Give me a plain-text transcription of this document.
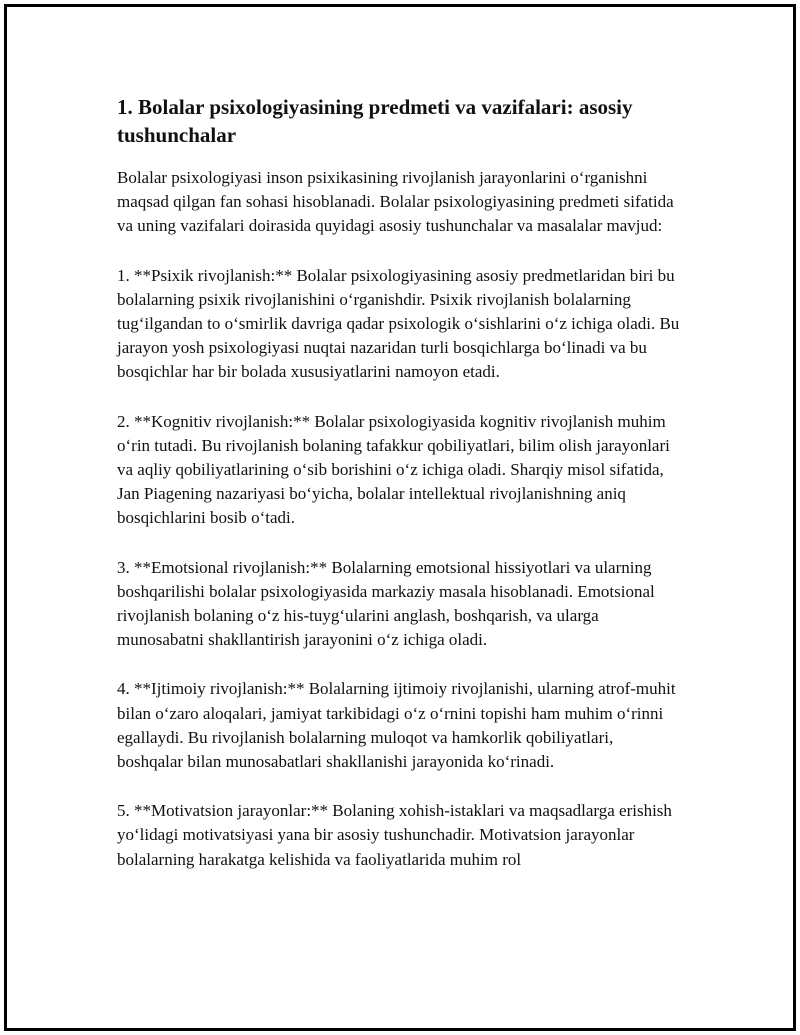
1. Bolalar psixologiyasining predmeti va vazifalari: asosiy tushunchalar

Bolalar psixologiyasi inson psixikasining rivojlanish jarayonlarini o‘rganishni maqsad qilgan fan sohasi hisoblanadi. Bolalar psixologiyasining predmeti sifatida va uning vazifalari doirasida quyidagi asosiy tushunchalar va masalalar mavjud:

1. **Psixik rivojlanish:** Bolalar psixologiyasining asosiy predmetlaridan biri bu bolalarning psixik rivojlanishini o‘rganishdir. Psixik rivojlanish bolalarning tug‘ilgandan to o‘smirlik davriga qadar psixologik o‘sishlarini o‘z ichiga oladi. Bu jarayon yosh psixologiyasi nuqtai nazaridan turli bosqichlarga bo‘linadi va bu bosqichlar har bir bolada xususiyatlarini namoyon etadi.

2. **Kognitiv rivojlanish:** Bolalar psixologiyasida kognitiv rivojlanish muhim o‘rin tutadi. Bu rivojlanish bolaning tafakkur qobiliyatlari, bilim olish jarayonlari va aqliy qobiliyatlarining o‘sib borishini o‘z ichiga oladi. Sharqiy misol sifatida, Jan Piagening nazariyasi bo‘yicha, bolalar intellektual rivojlanishning aniq bosqichlarini bosib o‘tadi.

3. **Emotsional rivojlanish:** Bolalarning emotsional hissiyotlari va ularning boshqarilishi bolalar psixologiyasida markaziy masala hisoblanadi. Emotsional rivojlanish bolaning o‘z his-tuyg‘ularini anglash, boshqarish, va ularga munosabatni shakllantirish jarayonini o‘z ichiga oladi.

4. **Ijtimoiy rivojlanish:** Bolalarning ijtimoiy rivojlanishi, ularning atrof-muhit bilan o‘zaro aloqalari, jamiyat tarkibidagi o‘z o‘rnini topishi ham muhim o‘rinni egallaydi. Bu rivojlanish bolalarning muloqot va hamkorlik qobiliyatlari, boshqalar bilan munosabatlari shakllanishi jarayonida ko‘rinadi.

5. **Motivatsion jarayonlar:** Bolaning xohish-istaklari va maqsadlarga erishish yo‘lidagi motivatsiyasi yana bir asosiy tushunchadir. Motivatsion jarayonlar bolalarning harakatga kelishida va faoliyatlarida muhim rol
